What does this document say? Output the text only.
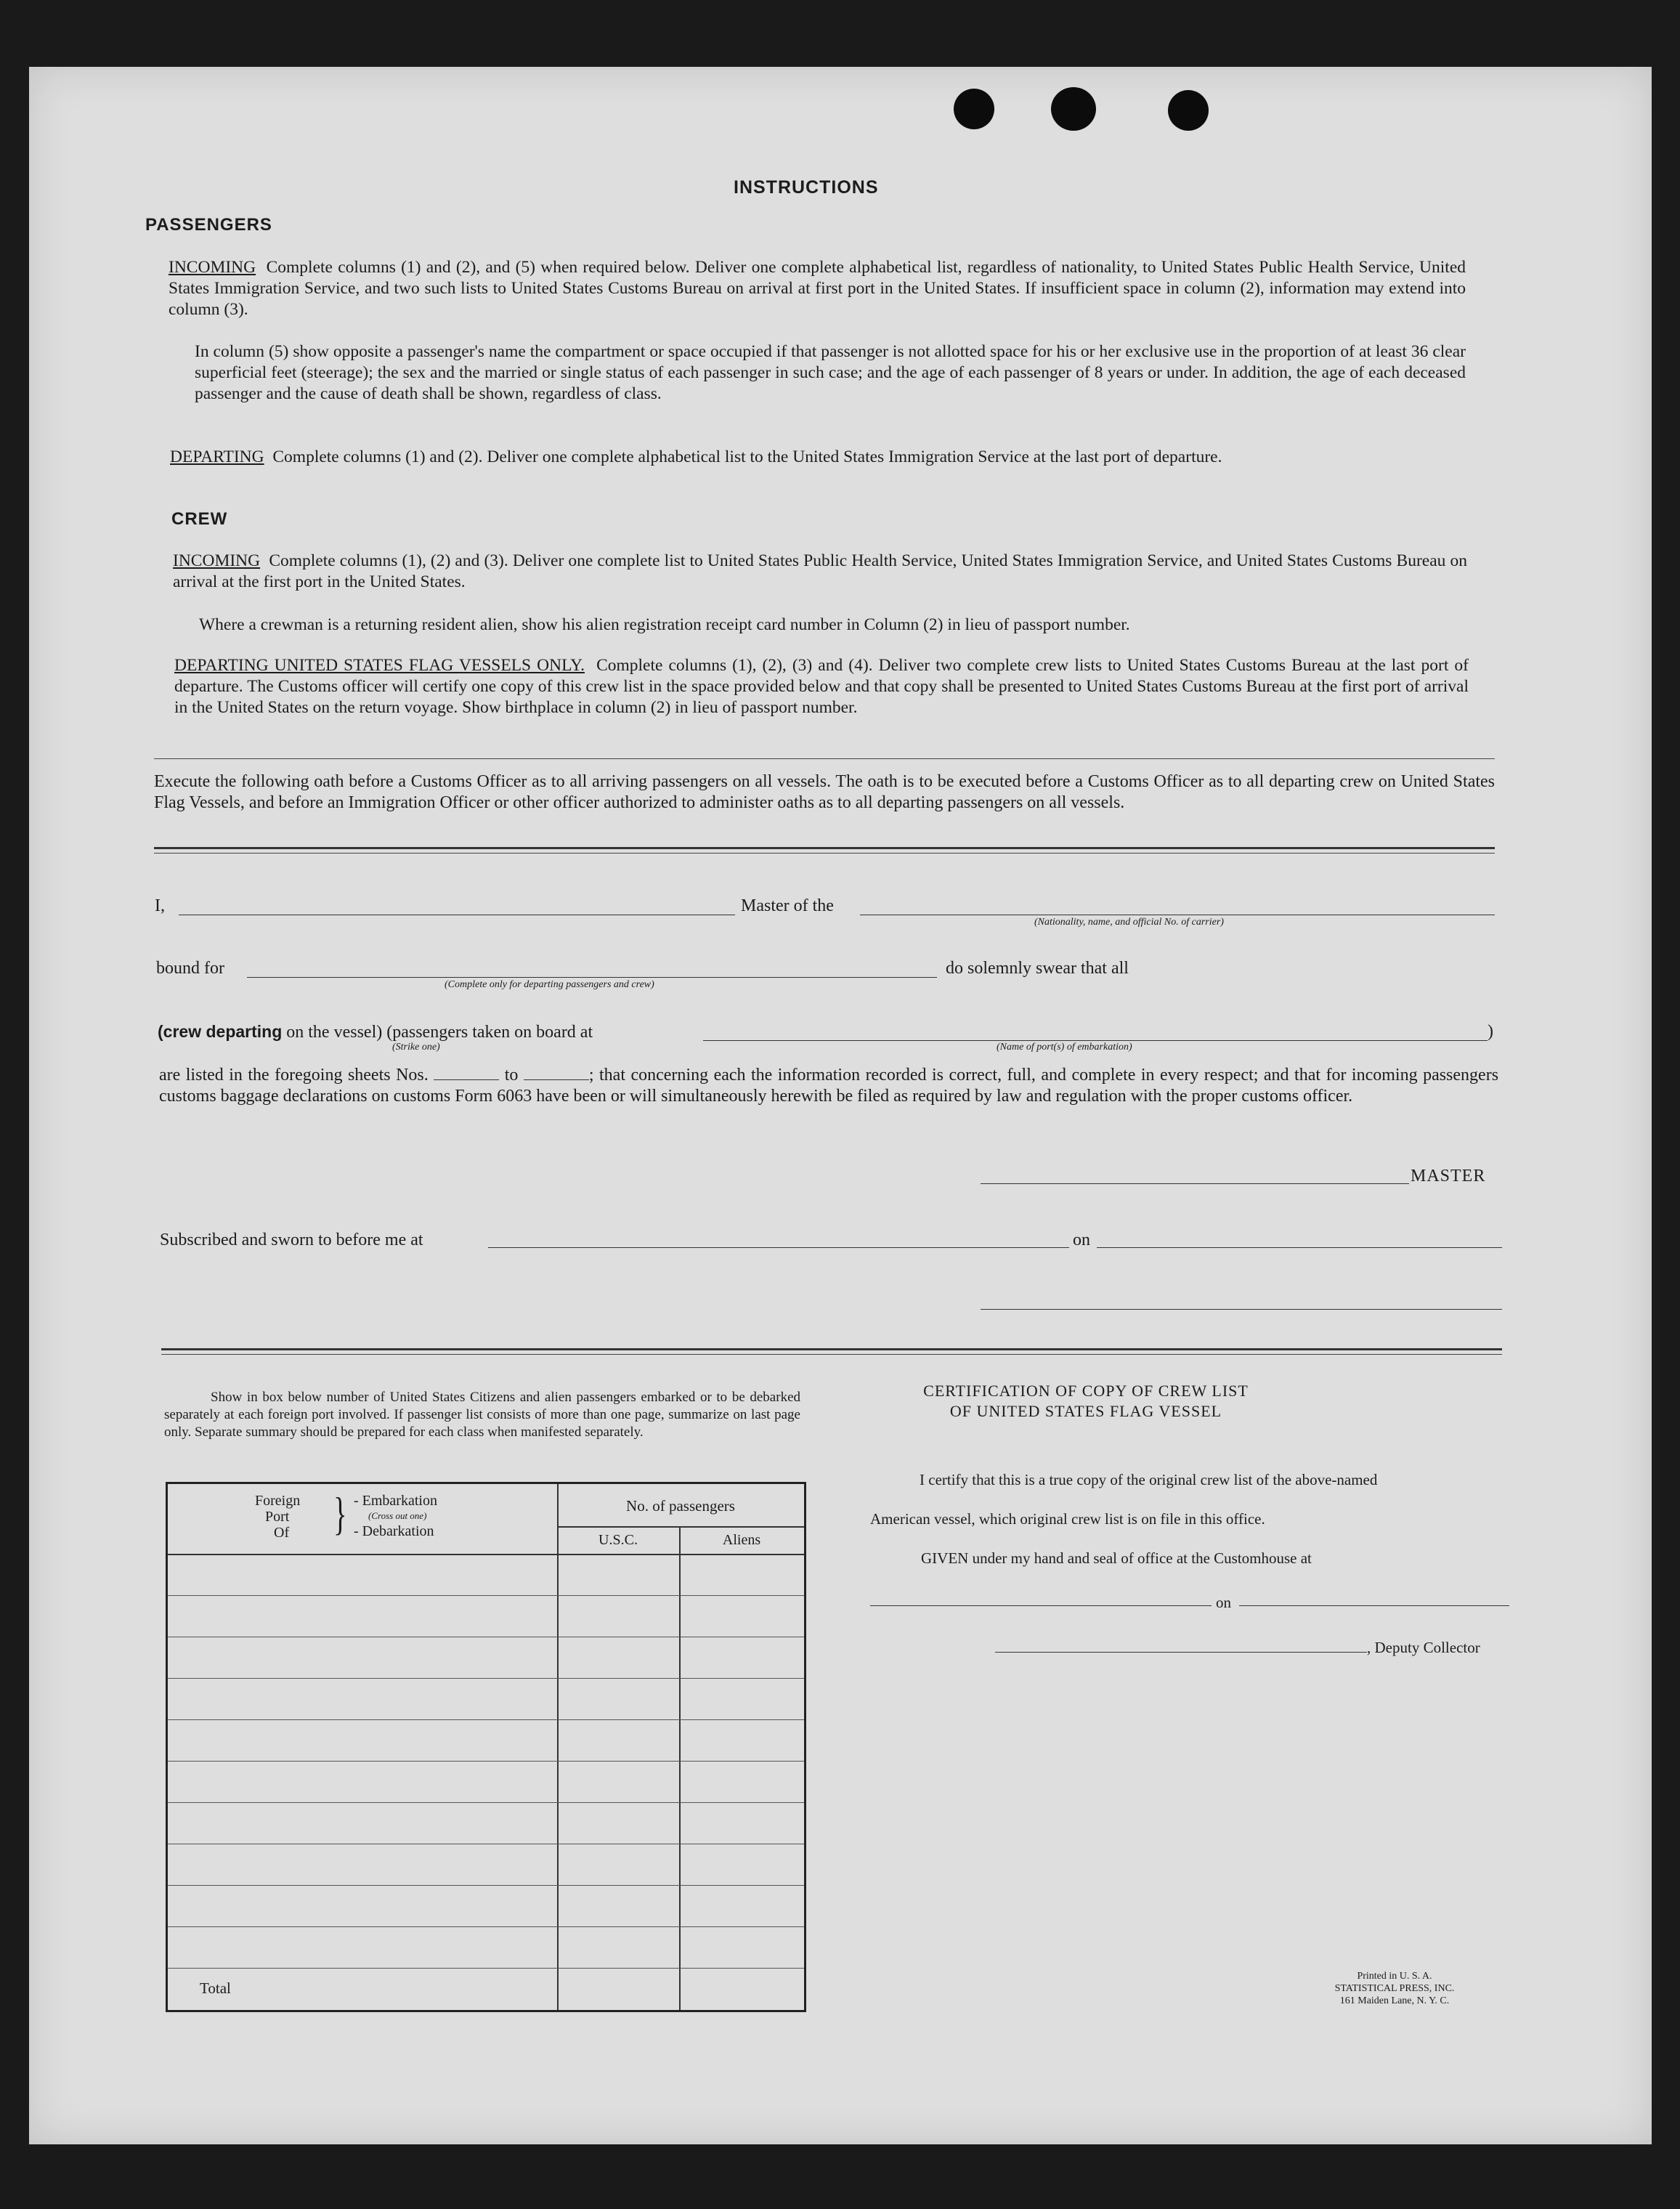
INSTRUCTIONS
PASSENGERS
INCOMING Complete columns (1) and (2), and (5) when required below. Deliver one complete alphabetical list, regardless of nationality, to United States Public Health Service, United States Immigration Service, and two such lists to United States Customs Bureau on arrival at first port in the United States. If insufficient space in column (2), information may extend into column (3).
In column (5) show opposite a passenger's name the compartment or space occupied if that passenger is not allotted space for his or her exclusive use in the proportion of at least 36 clear superficial feet (steerage); the sex and the married or single status of each passenger in such case; and the age of each passenger of 8 years or under. In addition, the age of each deceased passenger and the cause of death shall be shown, regardless of class.
DEPARTING Complete columns (1) and (2). Deliver one complete alphabetical list to the United States Immigration Service at the last port of departure.
CREW
INCOMING Complete columns (1), (2) and (3). Deliver one complete list to United States Public Health Service, United States Immigration Service, and United States Customs Bureau on arrival at the first port in the United States.
Where a crewman is a returning resident alien, show his alien registration receipt card number in Column (2) in lieu of passport number.
DEPARTING UNITED STATES FLAG VESSELS ONLY. Complete columns (1), (2), (3) and (4). Deliver two complete crew lists to United States Customs Bureau at the last port of departure. The Customs officer will certify one copy of this crew list in the space provided below and that copy shall be presented to United States Customs Bureau at the first port of arrival in the United States on the return voyage. Show birthplace in column (2) in lieu of passport number.
Execute the following oath before a Customs Officer as to all arriving passengers on all vessels. The oath is to be executed before a Customs Officer as to all departing crew on United States Flag Vessels, and before an Immigration Officer or other officer authorized to administer oaths as to all departing passengers on all vessels.
I,	Master of the
(Nationality, name, and official No. of carrier)
bound for
(Complete only for departing passengers and crew)
do solemnly swear that all
(crew departing on the vessel) (passengers taken on board at
(Strike one)
)
(Name of port(s) of embarkation)
are listed in the foregoing sheets Nos.	to	; that concerning each the information recorded is correct, full, and complete in every respect; and that for incoming passengers customs baggage declarations on customs Form 6063 have been or will simultaneously herewith be filed as required by law and regulation with the proper customs officer.
MASTER
Subscribed and sworn to before me at	on
Show in box below number of United States Citizens and alien passengers embarked or to be debarked separately at each foreign port involved. If passenger list consists of more than one page, summarize on last page only. Separate summary should be prepared for each class when manifested separately.
Foreign
Port
Of } - Embarkation
(Cross out one)
- Debarkation
No. of passengers
U.S.C.	Aliens
Total
CERTIFICATION OF COPY OF CREW LIST
OF UNITED STATES FLAG VESSEL
I certify that this is a true copy of the original crew list of the above-named
American vessel, which original crew list is on file in this office.
GIVEN under my hand and seal of office at the Customhouse at
on
, Deputy Collector
Printed in U. S. A.
STATISTICAL PRESS, INC.
161 Maiden Lane, N. Y. C.
